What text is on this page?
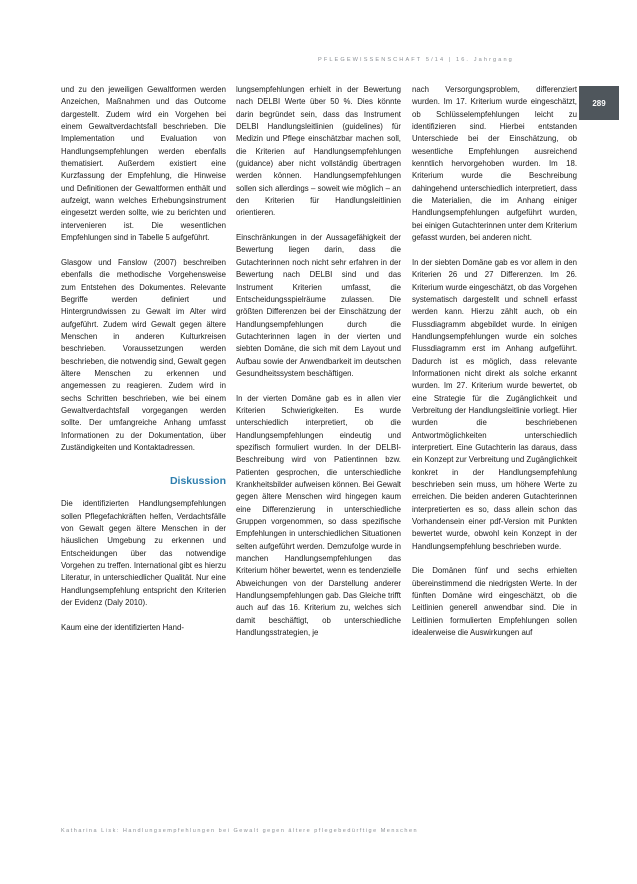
PFLEGEWISSENSCHAFT 5/14 | 16. Jahrgang
289

und zu den jeweiligen Gewaltformen werden Anzeichen, Maßnahmen und das Outcome dargestellt. Zudem wird ein Vorgehen bei einem Gewaltverdachtsfall beschrieben. Die Implementation und Evaluation von Handlungsempfehlungen werden ebenfalls thematisiert. Außerdem existiert eine Kurzfassung der Empfehlung, die Hinweise und Definitionen der Gewaltformen enthält und aufzeigt, wann welches Erhebungsinstrument eingesetzt werden sollte, wie zu berichten und intervenieren ist. Die wesentlichen Empfehlungen sind in Tabelle 5 aufgeführt.

Glasgow und Fanslow (2007) beschreiben ebenfalls die methodische Vorgehensweise zum Entstehen des Dokumentes. Relevante Begriffe werden definiert und Hintergrundwissen zu Gewalt im Alter wird aufgeführt. Zudem wird Gewalt gegen ältere Menschen in anderen Kulturkreisen beschrieben. Voraussetzungen werden beschrieben, die notwendig sind, Gewalt gegen ältere Menschen zu erkennen und angemessen zu reagieren. Zudem wird in sechs Schritten beschrieben, wie bei einem Gewaltverdachtsfall vorgegangen werden sollte. Der umfangreiche Anhang umfasst Informationen zu der Dokumentation, über Zuständigkeiten und Kontaktadressen.

Diskussion

Die identifizierten Handlungsempfehlungen sollen Pflegefachkräften helfen, Verdachtsfälle von Gewalt gegen ältere Menschen in der häuslichen Umgebung zu erkennen und Entscheidungen über das notwendige Vorgehen zu treffen. International gibt es hierzu Literatur, in unterschiedlicher Qualität. Nur eine Handlungsempfehlung entspricht den Kriterien der Evidenz (Daly 2010).

Kaum eine der identifizierten Hand-

lungsempfehlungen erhielt in der Bewertung nach DELBI Werte über 50 %. Dies könnte darin begründet sein, dass das Instrument DELBI Handlungsleitlinien (guidelines) für Medizin und Pflege einschätzbar machen soll, die Kriterien auf Handlungsempfehlungen (guidance) aber nicht vollständig übertragen werden können. Handlungsempfehlungen sollen sich allerdings – soweit wie möglich – an den Kriterien für Handlungsleitlinien orientieren.

Einschränkungen in der Aussagefähigkeit der Bewertung liegen darin, dass die Gutachterinnen noch nicht sehr erfahren in der Bewertung nach DELBI sind und das Instrument Kriterien umfasst, die Entscheidungsspielräume zulassen. Die größten Differenzen bei der Einschätzung der Handlungsempfehlungen durch die Gutachterinnen lagen in der vierten und siebten Domäne, die sich mit dem Layout und Aufbau sowie der Anwendbarkeit im deutschen Gesundheitssystem beschäftigen.

In der vierten Domäne gab es in allen vier Kriterien Schwierigkeiten. Es wurde unterschiedlich interpretiert, ob die Handlungsempfehlungen eindeutig und spezifisch formuliert wurden. In der DELBI-Beschreibung wird von Patientinnen bzw. Patienten gesprochen, die unterschiedliche Krankheitsbilder aufweisen können. Bei Gewalt gegen ältere Menschen wird hingegen kaum eine Differenzierung in unterschiedliche Gruppen vorgenommen, so dass spezifische Empfehlungen in unterschiedlichen Situationen selten aufgeführt werden. Demzufolge wurde in manchen Handlungsempfehlungen das Kriterium höher bewertet, wenn es tendenzielle Abweichungen von der Darstellung anderer Handlungsempfehlungen gab. Das Gleiche trifft auch auf das 16. Kriterium zu, welches sich damit beschäftigt, ob unterschiedliche Handlungsstrategien, je

nach Versorgungsproblem, differenziert wurden. Im 17. Kriterium wurde eingeschätzt, ob Schlüsselempfehlungen leicht zu identifizieren sind. Hierbei entstanden Unterschiede bei der Einschätzung, ob wesentliche Empfehlungen ausreichend kenntlich hervorgehoben wurden. Im 18. Kriterium wurde die Beschreibung dahingehend unterschiedlich interpretiert, dass die Materialien, die im Anhang einiger Handlungsempfehlungen aufgeführt wurden, bei einigen Gutachterinnen unter dem Kriterium gefasst wurden, bei anderen nicht.

In der siebten Domäne gab es vor allem in den Kriterien 26 und 27 Differenzen. Im 26. Kriterium wurde eingeschätzt, ob das Vorgehen systematisch dargestellt und schnell erfasst werden kann. Hierzu zählt auch, ob ein Flussdiagramm abgebildet wurde. In einigen Handlungsempfehlungen wurde ein solches Flussdiagramm erst im Anhang aufgeführt. Dadurch ist es möglich, dass relevante Informationen nicht direkt als solche erkannt wurden. Im 27. Kriterium wurde bewertet, ob eine Strategie für die Zugänglichkeit und Verbreitung der Handlungsleitlinie vorliegt. Hier wurden die beschriebenen Antwortmöglichkeiten unterschiedlich interpretiert. Eine Gutachterin las daraus, dass ein Konzept zur Verbreitung und Zugänglichkeit konkret in der Handlungsempfehlung beschrieben sein muss, um höhere Werte zu erreichen. Die beiden anderen Gutachterinnen interpretierten es so, dass allein schon das Vorhandensein einer pdf-Version mit Punkten bewertet wurde, obwohl kein Konzept in der Handlungsempfehlung beschrieben wurde.

Die Domänen fünf und sechs erhielten übereinstimmend die niedrigsten Werte. In der fünften Domäne wird eingeschätzt, ob die Leitlinien generell anwendbar sind. Die in Leitlinien formulierten Empfehlungen sollen idealerweise die Auswirkungen auf

Katharina Lisk: Handlungsempfehlungen bei Gewalt gegen ältere pflegebedürftige Menschen
